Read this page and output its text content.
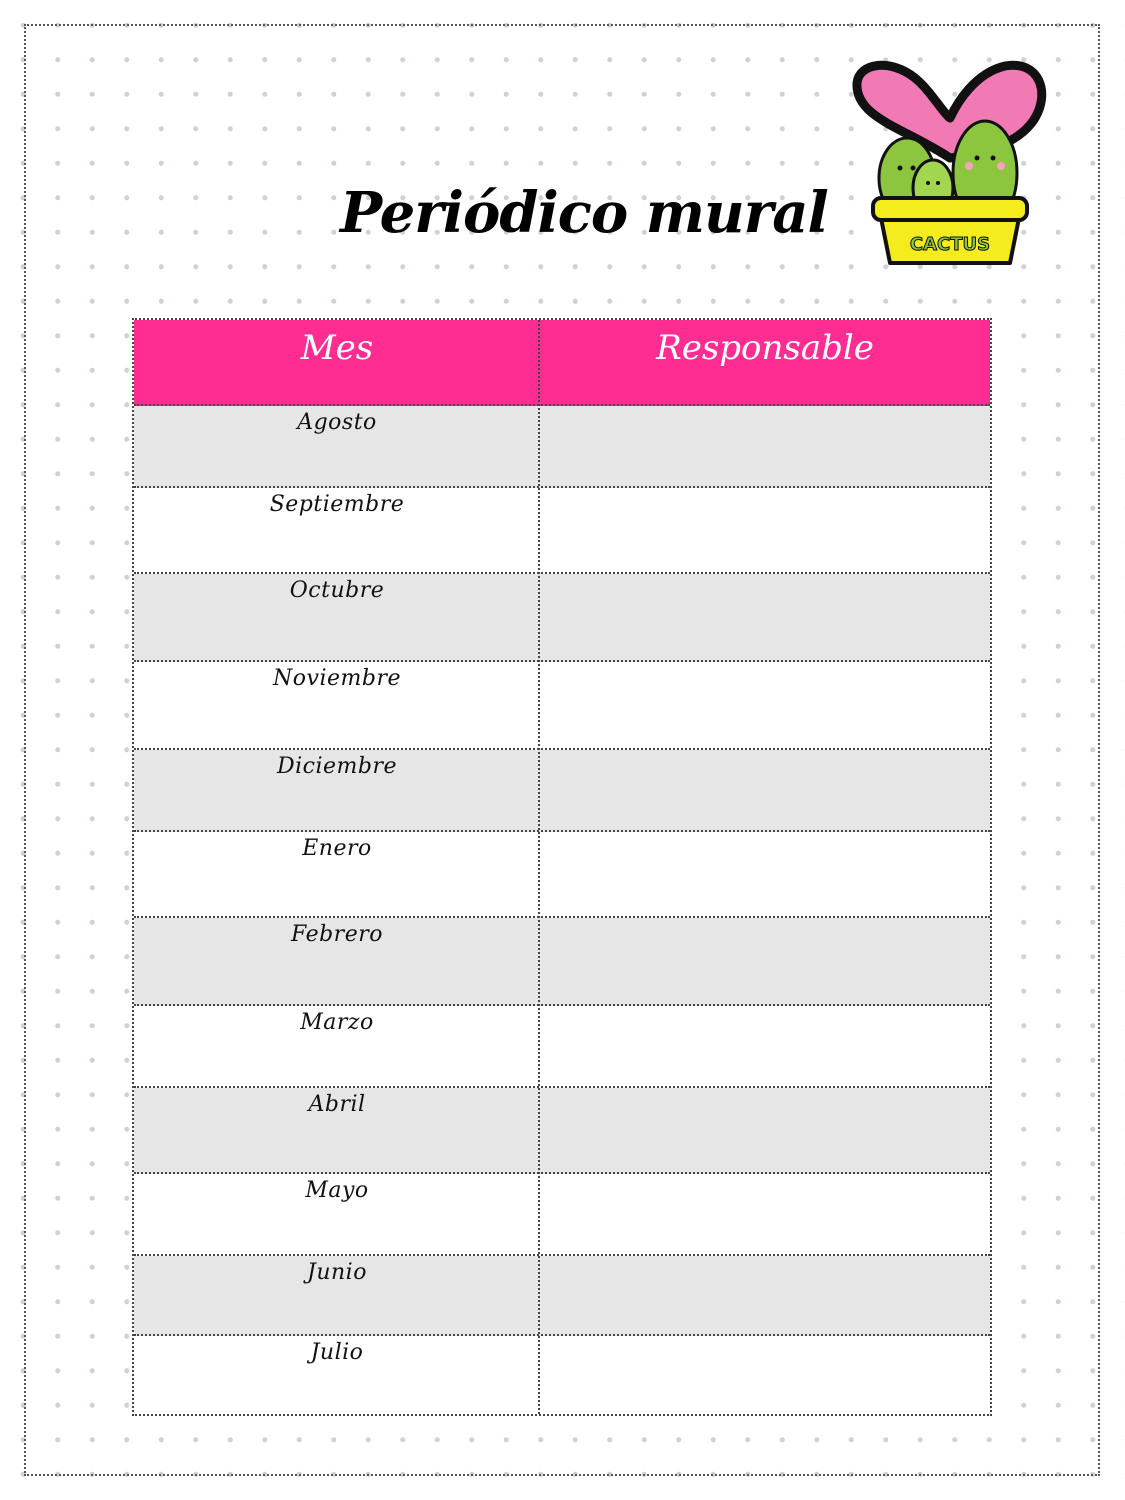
Periódico mural	CACTUS
Mes	Responsable
Agosto
Septiembre
Octubre
Noviembre
Diciembre
Enero
Febrero
Marzo
Abril
Mayo
Junio
Julio
